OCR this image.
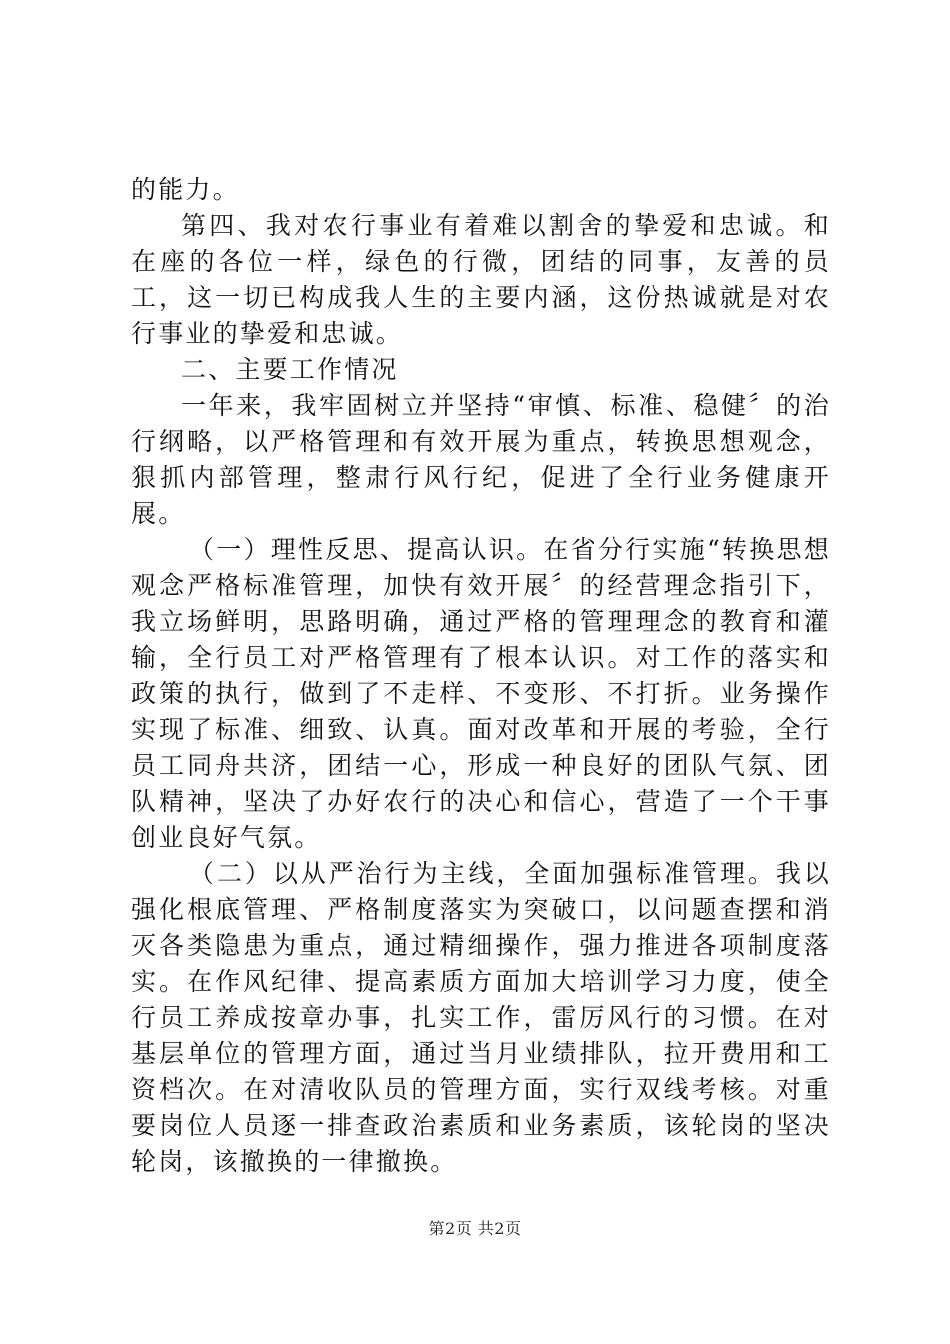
的能力。

第四、我对农行事业有着难以割舍的挚爱和忠诚。和在座的各位一样，绿色的行微，团结的同事，友善的员工，这一切已构成我人生的主要内涵，这份热诚就是对农行事业的挚爱和忠诚。

二、主要工作情况

一年来，我牢固树立并坚持“审慎、标准、稳健〞的治行纲略，以严格管理和有效开展为重点，转换思想观念，狠抓内部管理，整肃行风行纪，促进了全行业务健康开展。

（一）理性反思、提高认识。在省分行实施“转换思想观念严格标准管理，加快有效开展〞的经营理念指引下，我立场鲜明，思路明确，通过严格的管理理念的教育和灌输，全行员工对严格管理有了根本认识。对工作的落实和政策的执行，做到了不走样、不变形、不打折。业务操作实现了标准、细致、认真。面对改革和开展的考验，全行员工同舟共济，团结一心，形成一种良好的团队气氛、团队精神，坚决了办好农行的决心和信心，营造了一个干事创业良好气氛。

（二）以从严治行为主线，全面加强标准管理。我以强化根底管理、严格制度落实为突破口，以问题查摆和消灭各类隐患为重点，通过精细操作，强力推进各项制度落实。在作风纪律、提高素质方面加大培训学习力度，使全行员工养成按章办事，扎实工作，雷厉风行的习惯。在对基层单位的管理方面，通过当月业绩排队，拉开费用和工资档次。在对清收队员的管理方面，实行双线考核。对重要岗位人员逐一排查政治素质和业务素质，该轮岗的坚决轮岗，该撤换的一律撤换。

第2页 共2页
